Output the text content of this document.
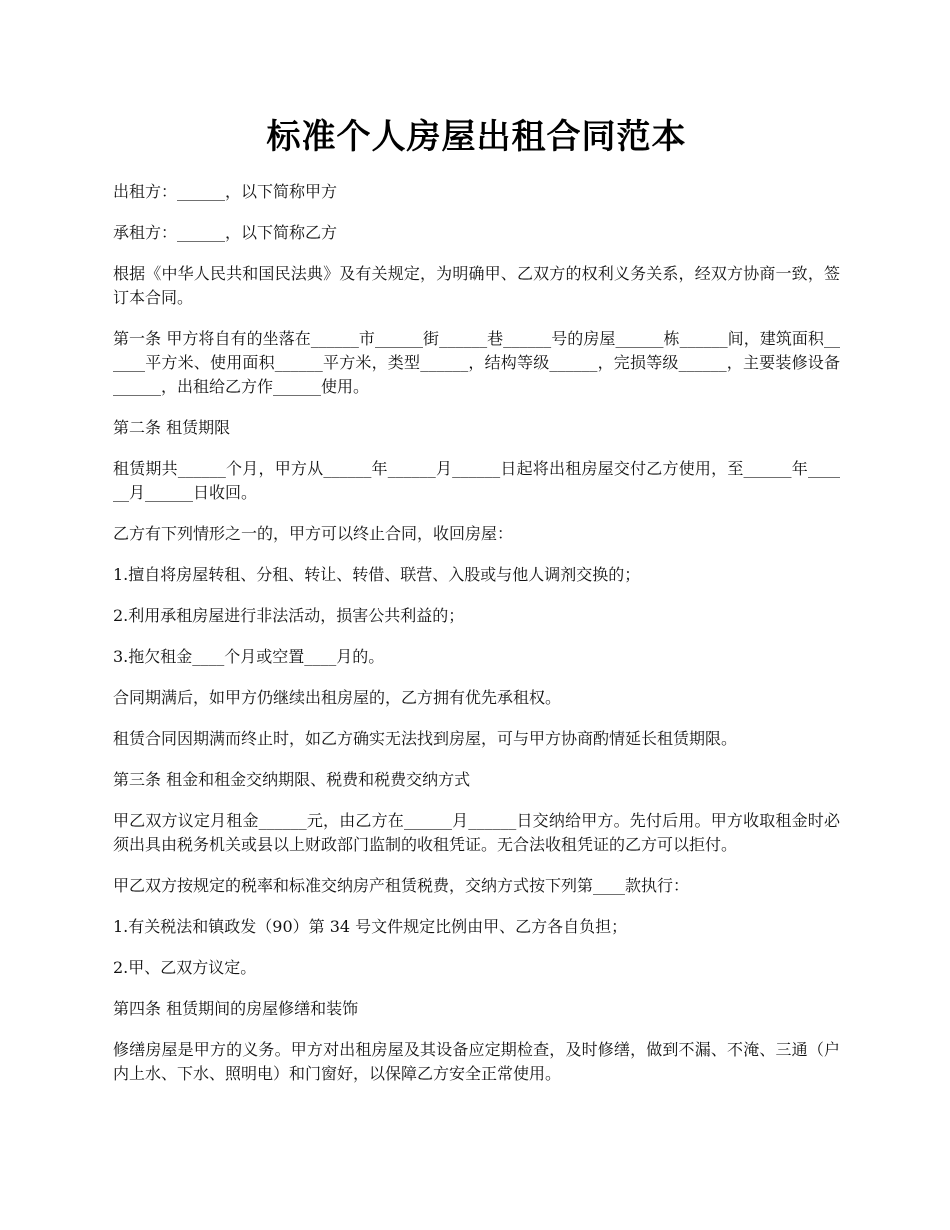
标准个人房屋出租合同范本

出租方：______，以下简称甲方

承租方：______，以下简称乙方

根据《中华人民共和国民法典》及有关规定，为明确甲、乙双方的权利义务关系，经双方协商一致，签订本合同。

第一条 甲方将自有的坐落在______市______街______巷______号的房屋______栋______间，建筑面积______平方米、使用面积______平方米，类型______，结构等级______，完损等级______，主要装修设备______，出租给乙方作______使用。

第二条 租赁期限

租赁期共______个月，甲方从______年______月______日起将出租房屋交付乙方使用，至______年______月______日收回。

乙方有下列情形之一的，甲方可以终止合同，收回房屋：

1.擅自将房屋转租、分租、转让、转借、联营、入股或与他人调剂交换的；

2.利用承租房屋进行非法活动，损害公共利益的；

3.拖欠租金____个月或空置____月的。

合同期满后，如甲方仍继续出租房屋的，乙方拥有优先承租权。

租赁合同因期满而终止时，如乙方确实无法找到房屋，可与甲方协商酌情延长租赁期限。

第三条 租金和租金交纳期限、税费和税费交纳方式

甲乙双方议定月租金______元，由乙方在______月______日交纳给甲方。先付后用。甲方收取租金时必须出具由税务机关或县以上财政部门监制的收租凭证。无合法收租凭证的乙方可以拒付。

甲乙双方按规定的税率和标准交纳房产租赁税费，交纳方式按下列第____款执行：

1.有关税法和镇政发（90）第 34 号文件规定比例由甲、乙方各自负担；

2.甲、乙双方议定。

第四条 租赁期间的房屋修缮和装饰

修缮房屋是甲方的义务。甲方对出租房屋及其设备应定期检查，及时修缮，做到不漏、不淹、三通（户内上水、下水、照明电）和门窗好，以保障乙方安全正常使用。
